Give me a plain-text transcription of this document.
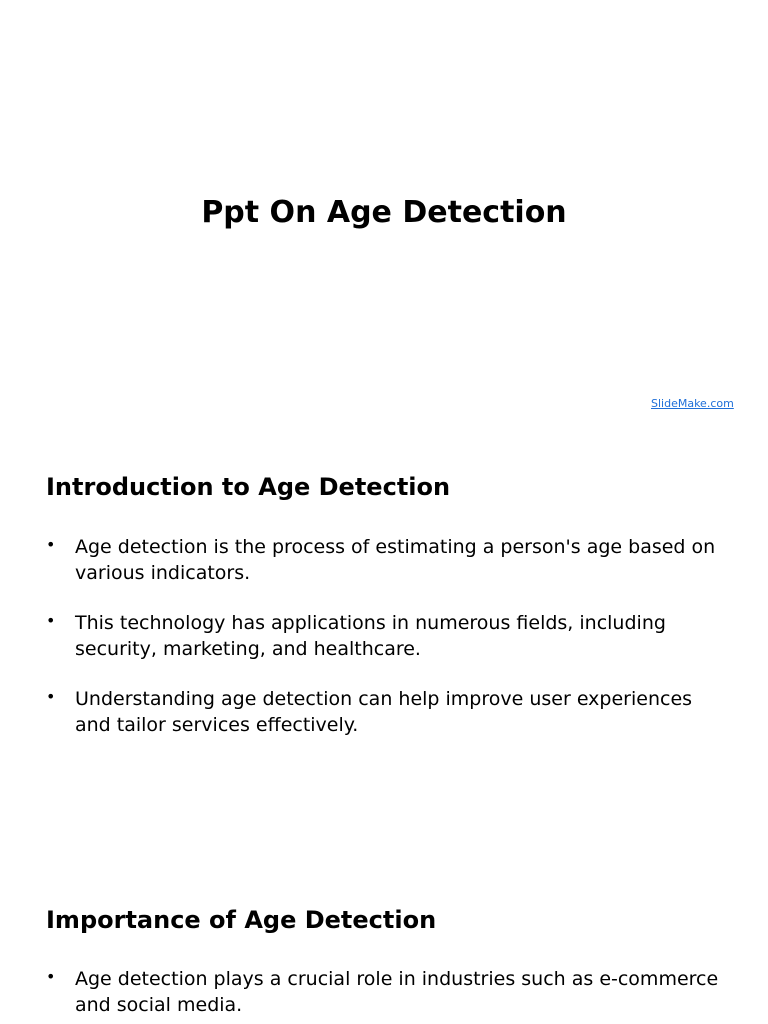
Ppt On Age Detection
SlideMake.com
Introduction to Age Detection
• Age detection is the process of estimating a person's age based on various indicators.
• This technology has applications in numerous fields, including security, marketing, and healthcare.
• Understanding age detection can help improve user experiences and tailor services effectively.
Importance of Age Detection
• Age detection plays a crucial role in industries such as e-commerce and social media.
